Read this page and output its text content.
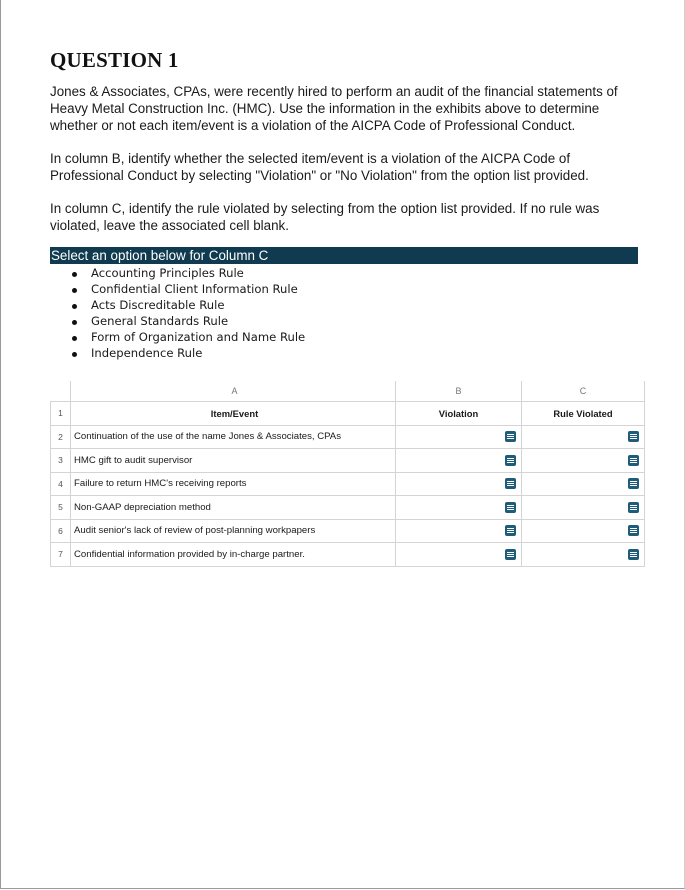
QUESTION 1

Jones & Associates, CPAs, were recently hired to perform an audit of the financial statements of Heavy Metal Construction Inc. (HMC). Use the information in the exhibits above to determine whether or not each item/event is a violation of the AICPA Code of Professional Conduct.

In column B, identify whether the selected item/event is a violation of the AICPA Code of Professional Conduct by selecting "Violation" or "No Violation" from the option list provided.

In column C, identify the rule violated by selecting from the option list provided. If no rule was violated, leave the associated cell blank.

Select an option below for Column C
Accounting Principles Rule
Confidential Client Information Rule
Acts Discreditable Rule
General Standards Rule
Form of Organization and Name Rule
Independence Rule
	A	B	C
1	Item/Event	Violation	Rule Violated
2	Continuation of the use of the name Jones & Associates, CPAs	

3	HMC gift to audit supervisor	

4	Failure to return HMC's receiving reports	

5	Non-GAAP depreciation method	

6	Audit senior's lack of review of post-planning workpapers	

7	Confidential information provided by in-charge partner.	
